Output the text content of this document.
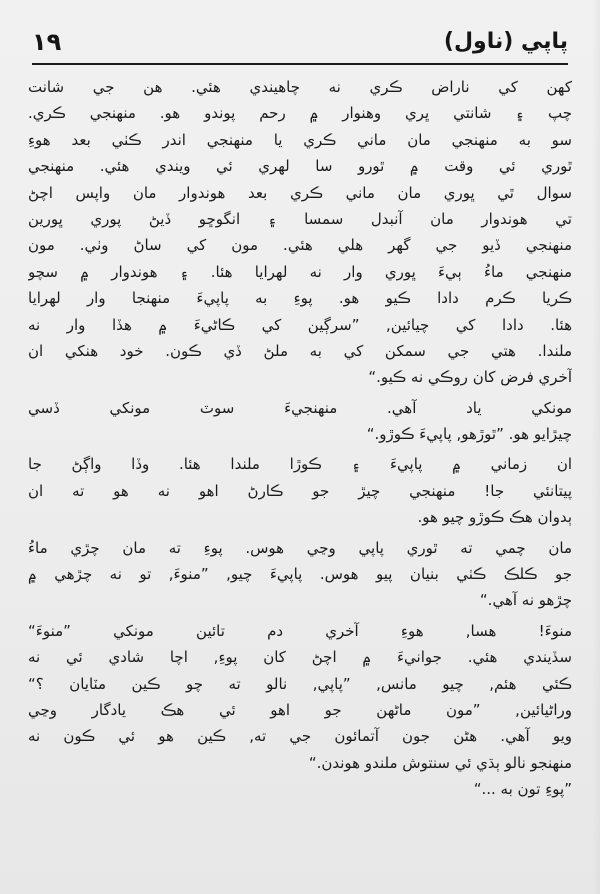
١٩	پاپي (ناول)
کهن کي ناراض ڪري نه چاهيندي هئي. هن جي شانت
چپ ۽ شانتي ڀري وهنوار ۾ رحم پوندو هو. منهنجي ڪري.
سو به منهنجي مان ماني ڪري يا منهنجي اندر ڪٺي بعد هوءِ
ٿوري ئي وقت ۾ ٿورو سا لهري ئي ويندي هئي. منهنجي
سوال ٿي ڀوري مان ماني ڪري بعد هوندوار مان واپس اچڻ
تي هوندوار مان آنبدل سمسا ۽ انگوڇو ڏيڻ پوري ڀورين
منهنجي ڏيو جي گهر هلي هئي. مون کي ساڻ وٺي. مون
منهنجي ماءُ ٻيءَ ڀوري وار نه لهرايا هئا. ۽ هوندوار ۾ سچو
ڪريا ڪرم دادا ڪيو هو. پوءِ به پاپيءَ منهنجا وار لهرايا
هئا. دادا کي چيائين, ”سرڳين کي ڪاڻيءَ ۾ هڏا وار نه
ملندا. هتي جي سمکن کي به ملڻ ڏي ڪون. خود هنکي ان
آخري فرض کان روڪي نه ڪيو.“
مونکي ياد آهي. منهنجيءَ سوٽ مونکي ڏسي
چيڙايو هو. ”ٿوڙهو, پاپيءَ ڪوڙو.“
ان زماني ۾ پاپيءَ ۽ ڪوڙا ملندا هئا. وڏا واڳڻ جا
پيتانئي جا! منهنجي چيڙ جو ڪارڻ اهو نه هو ته ان
ٻدوان هڪ ڪوڙو چيو هو.
مان چمي ته ٿوري پاپي وڃي هوس. پوءِ ته مان چڙي ماءُ
جو ڪلڪ ڪٺي بنيان پيو هوس. پاپيءَ چيو, ”منوءَ, تو نه چڙهي ۾
چڙهو نه آهي.“
منوءَ! هسا, هوءِ آخري دم تائين مونکي ”منوءَ“
سڏيندي هئي. جوانيءَ ۾ اچڻ کان پوءِ, اچا شادي ئي نه
ڪئي هئم, چيو مانس, ”پاپي, نالو ته چو ڪين مٽايان ؟“
وراڻيائين, ”مون ماڻهن جو اهو ئي هڪ يادگار وڃي
ويو آهي. هڻن جون آتمائون جي ته, ڪين هو ئي ڪون نه
منهنجو نالو ٻڌي ئي سنتوش ملندو هوندن.“
”پوءِ تون به ...“
